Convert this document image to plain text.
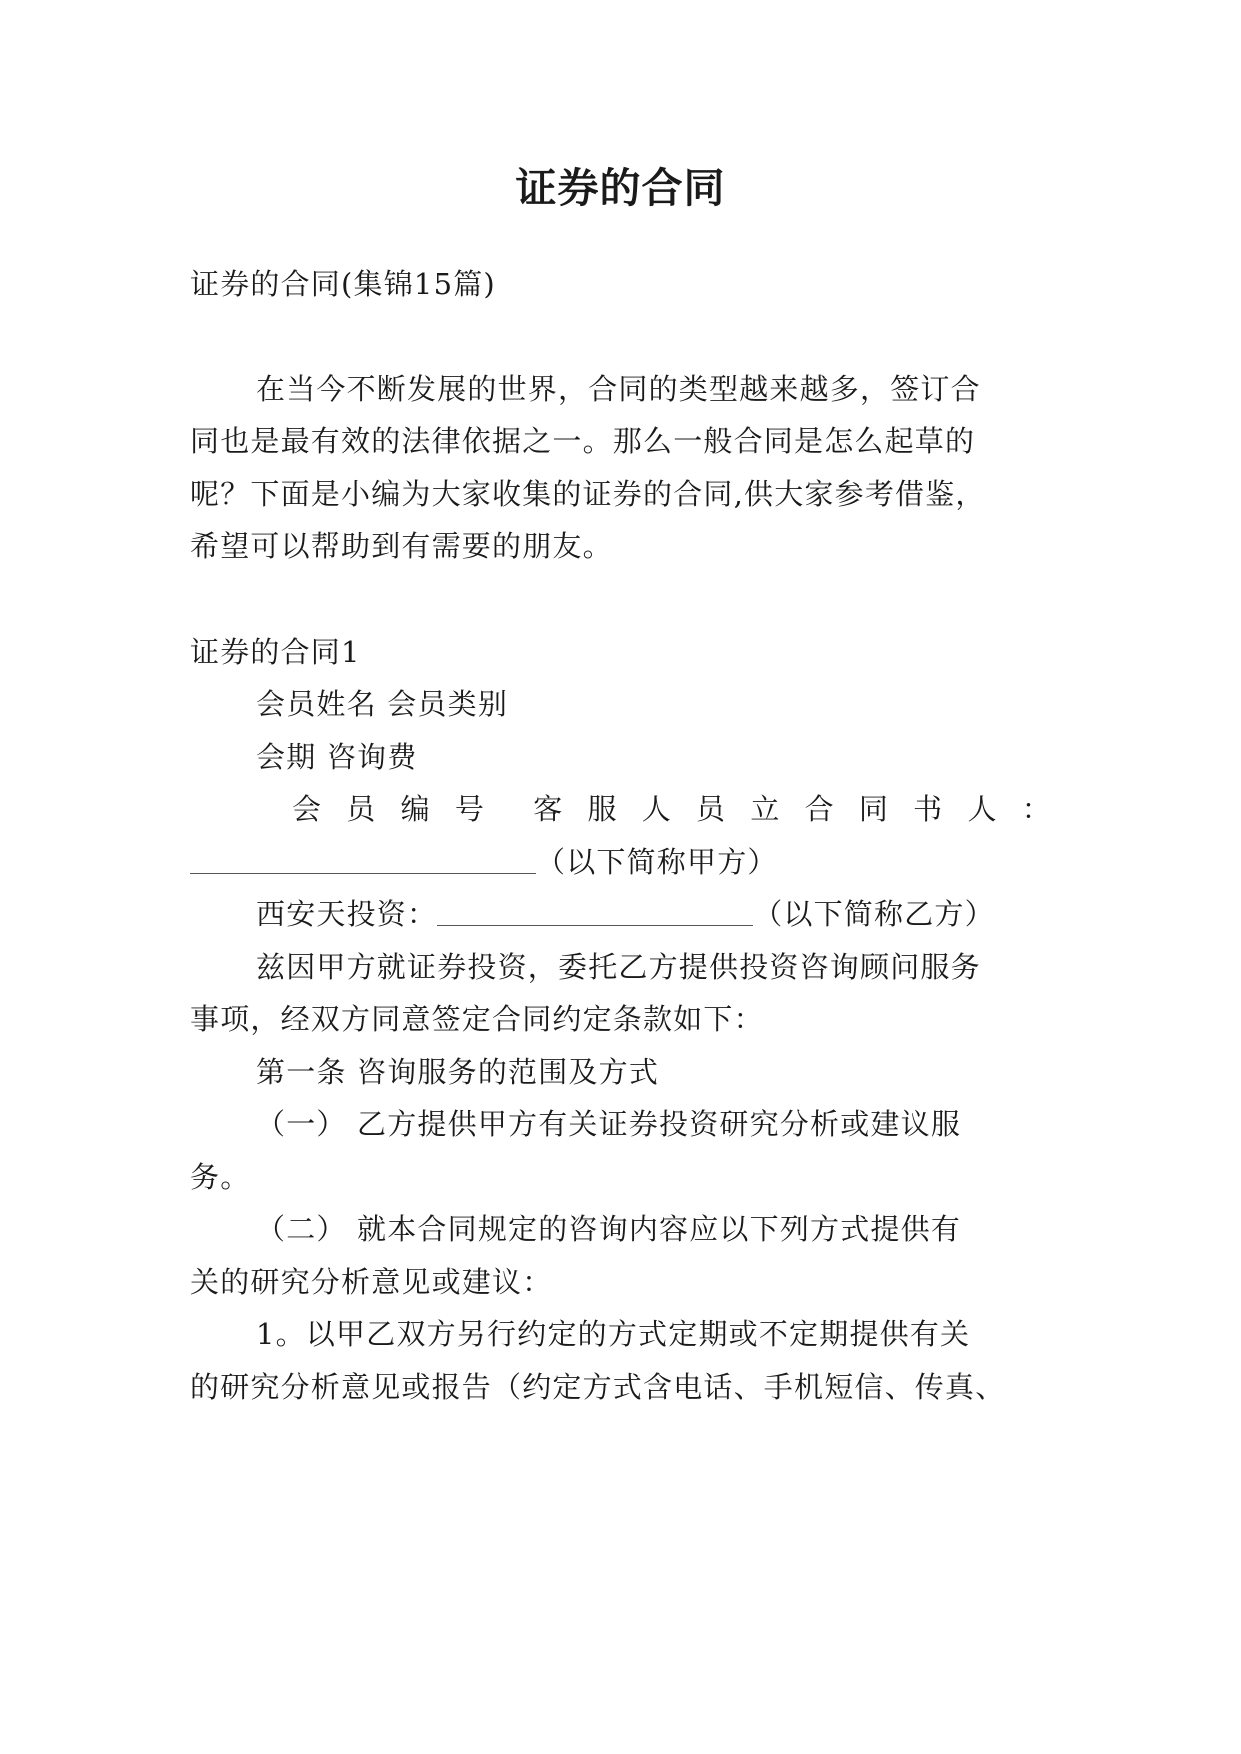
证券的合同
证券的合同(集锦15篇)
在当今不断发展的世界，合同的类型越来越多，签订合
同也是最有效的法律依据之一。那么一般合同是怎么起草的
呢？下面是小编为大家收集的证券的合同,供大家参考借鉴，
希望可以帮助到有需要的朋友。
证券的合同1
会员姓名 会员类别
会期 咨询费
会 员 编 号 客 服 人 员 立 合 同 书 人 ：
（以下简称甲方）
西安天投资：	（以下简称乙方）
兹因甲方就证券投资，委托乙方提供投资咨询顾问服务
事项，经双方同意签定合同约定条款如下：
第一条 咨询服务的范围及方式
（一） 乙方提供甲方有关证券投资研究分析或建议服
务。
（二） 就本合同规定的咨询内容应以下列方式提供有
关的研究分析意见或建议：
1。以甲乙双方另行约定的方式定期或不定期提供有关
的研究分析意见或报告（约定方式含电话、手机短信、传真、
